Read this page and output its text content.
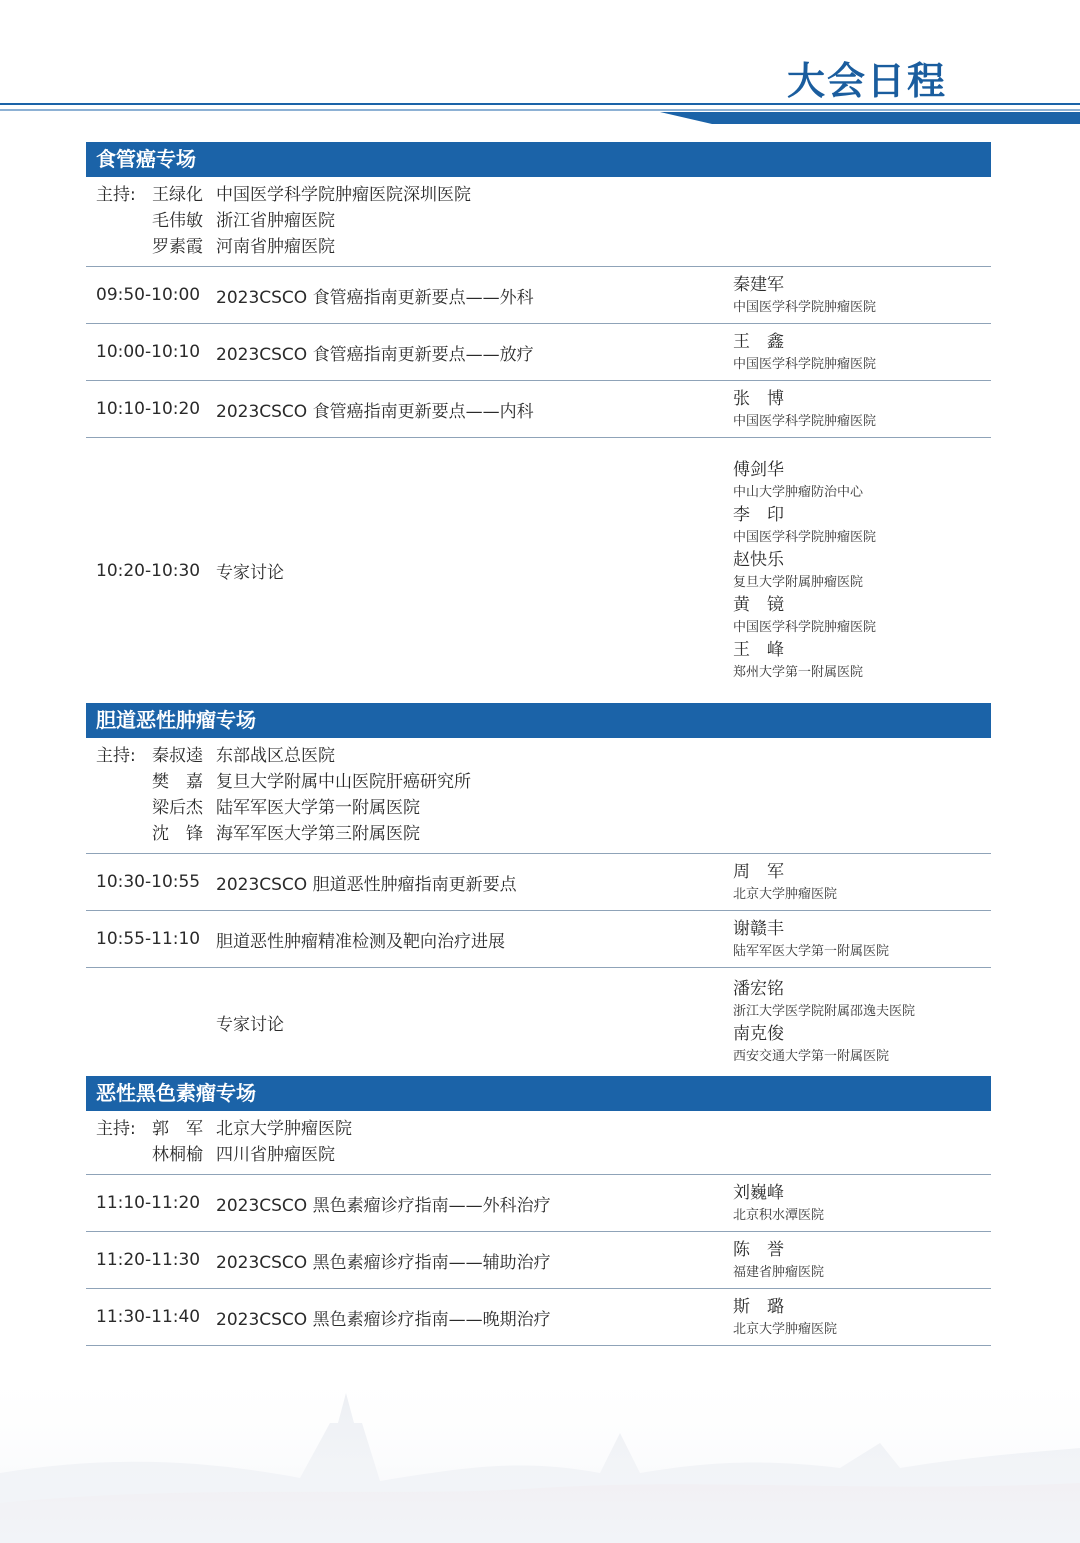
大会日程
食管癌专场
主持: 王绿化 中国医学科学院肿瘤医院深圳医院
毛伟敏 浙江省肿瘤医院
罗素霞 河南省肿瘤医院
09:50-10:00 2023CSCO 食管癌指南更新要点——外科
秦建军
中国医学科学院肿瘤医院
10:00-10:10 2023CSCO 食管癌指南更新要点——放疗
王　鑫
中国医学科学院肿瘤医院
10:10-10:20 2023CSCO 食管癌指南更新要点——内科
张　博
中国医学科学院肿瘤医院
10:20-10:30 专家讨论
傅剑华
中山大学肿瘤防治中心
李　印
中国医学科学院肿瘤医院
赵快乐
复旦大学附属肿瘤医院
黄　镜
中国医学科学院肿瘤医院
王　峰
郑州大学第一附属医院
胆道恶性肿瘤专场
主持: 秦叔逵 东部战区总医院
樊　嘉 复旦大学附属中山医院肝癌研究所
梁后杰 陆军军医大学第一附属医院
沈　锋 海军军医大学第三附属医院
10:30-10:55 2023CSCO 胆道恶性肿瘤指南更新要点
周　军
北京大学肿瘤医院
10:55-11:10 胆道恶性肿瘤精准检测及靶向治疗进展
谢赣丰
陆军军医大学第一附属医院
专家讨论
潘宏铭
浙江大学医学院附属邵逸夫医院
南克俊
西安交通大学第一附属医院
恶性黑色素瘤专场
主持: 郭　军 北京大学肿瘤医院
林桐榆 四川省肿瘤医院
11:10-11:20 2023CSCO 黑色素瘤诊疗指南——外科治疗
刘巍峰
北京积水潭医院
11:20-11:30 2023CSCO 黑色素瘤诊疗指南——辅助治疗
陈　誉
福建省肿瘤医院
11:30-11:40 2023CSCO 黑色素瘤诊疗指南——晚期治疗
斯　璐
北京大学肿瘤医院
